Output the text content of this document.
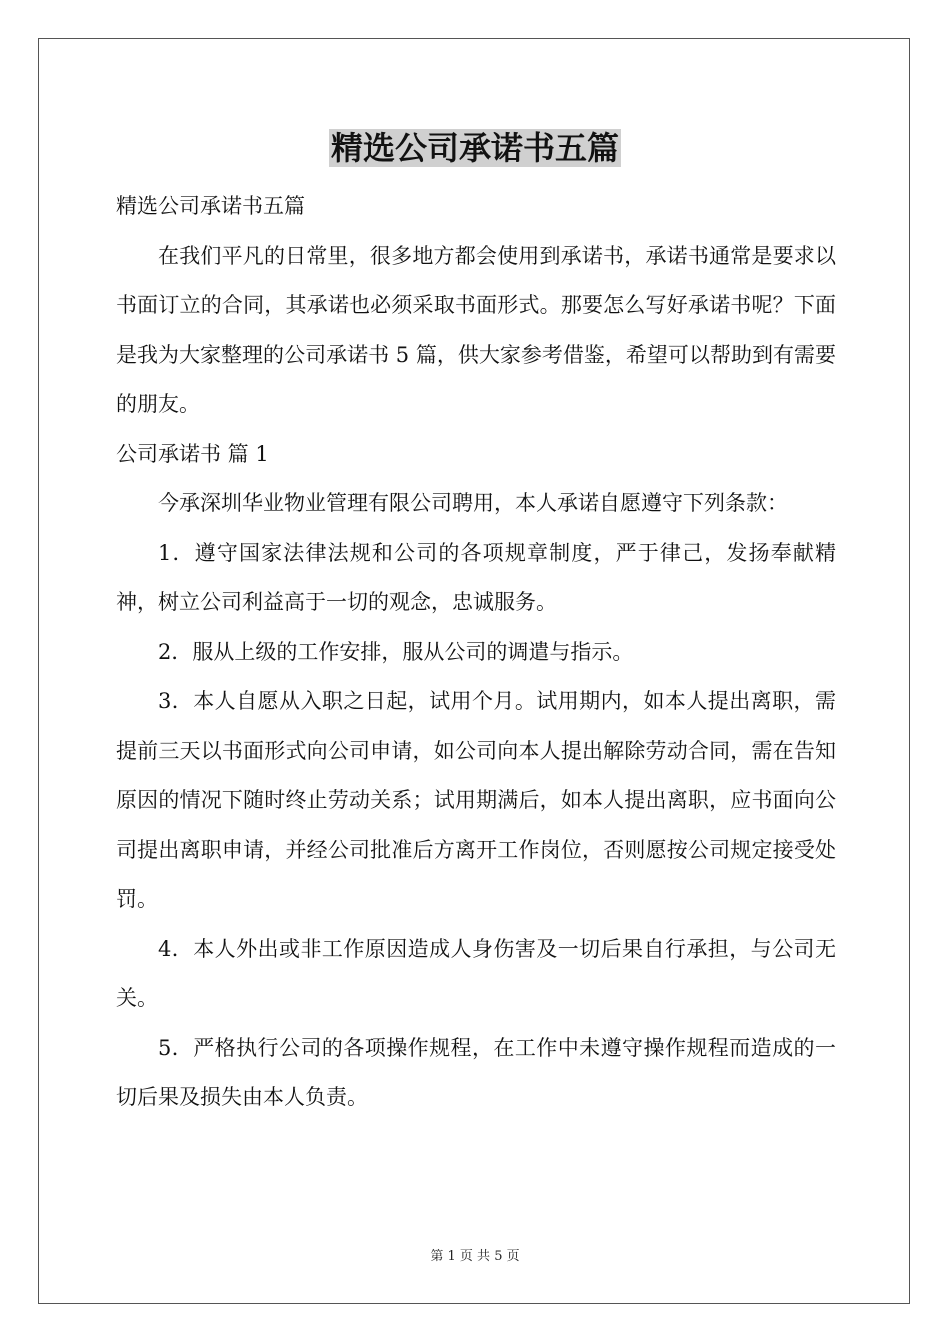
精选公司承诺书五篇

精选公司承诺书五篇

在我们平凡的日常里，很多地方都会使用到承诺书，承诺书通常是要求以书面订立的合同，其承诺也必须采取书面形式。那要怎么写好承诺书呢？下面是我为大家整理的公司承诺书 5 篇，供大家参考借鉴，希望可以帮助到有需要的朋友。

公司承诺书 篇 1

今承深圳华业物业管理有限公司聘用，本人承诺自愿遵守下列条款：

1．遵守国家法律法规和公司的各项规章制度，严于律己，发扬奉献精神，树立公司利益高于一切的观念，忠诚服务。

2．服从上级的工作安排，服从公司的调遣与指示。

3．本人自愿从入职之日起，试用个月。试用期内，如本人提出离职，需提前三天以书面形式向公司申请，如公司向本人提出解除劳动合同，需在告知原因的情况下随时终止劳动关系；试用期满后，如本人提出离职，应书面向公司提出离职申请，并经公司批准后方离开工作岗位，否则愿按公司规定接受处罚。

4．本人外出或非工作原因造成人身伤害及一切后果自行承担，与公司无关。

5．严格执行公司的各项操作规程，在工作中未遵守操作规程而造成的一切后果及损失由本人负责。

第 1 页 共 5 页
